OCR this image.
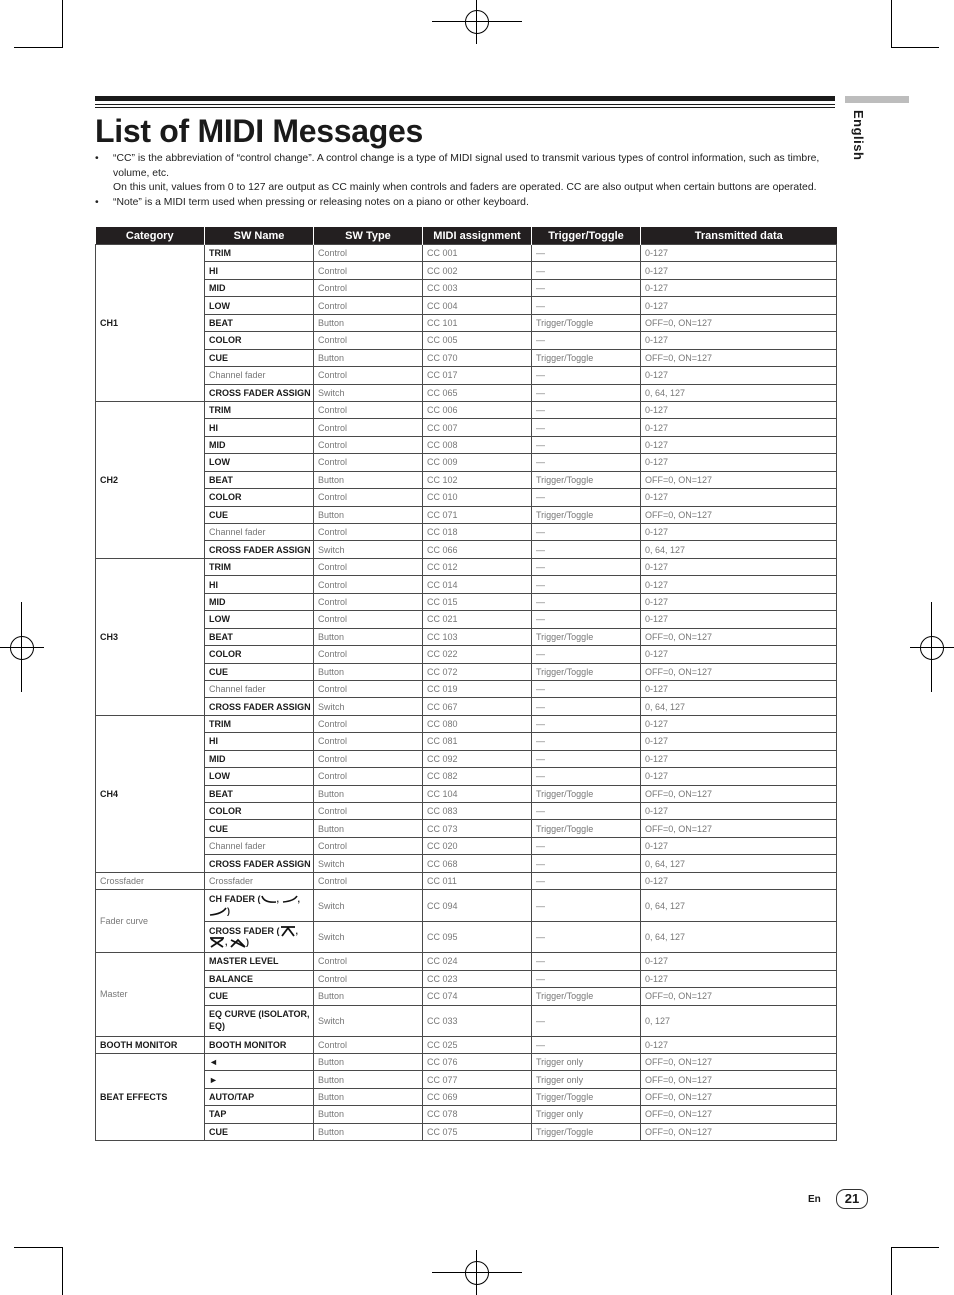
English
List of MIDI Messages
• “CC” is the abbreviation of “control change”. A control change is a type of MIDI signal used to transmit various types of control information, such as timbre, volume, etc.
On this unit, values from 0 to 127 are output as CC mainly when controls and faders are operated. CC are also output when certain buttons are operated.
• “Note” is a MIDI term used when pressing or releasing notes on a piano or other keyboard.
Category	SW Name	SW Type	MIDI assignment	Trigger/Toggle	Transmitted data
CH1	TRIM	Control	CC 001	—	0-127
	HI	Control	CC 002	—	0-127
	MID	Control	CC 003	—	0-127
	LOW	Control	CC 004	—	0-127
	BEAT	Button	CC 101	Trigger/Toggle	OFF=0, ON=127
	COLOR	Control	CC 005	—	0-127
	CUE	Button	CC 070	Trigger/Toggle	OFF=0, ON=127
	Channel fader	Control	CC 017	—	0-127
	CROSS FADER ASSIGN	Switch	CC 065	—	0, 64, 127
CH2	TRIM	Control	CC 006	—	0-127
	HI	Control	CC 007	—	0-127
	MID	Control	CC 008	—	0-127
	LOW	Control	CC 009	—	0-127
	BEAT	Button	CC 102	Trigger/Toggle	OFF=0, ON=127
	COLOR	Control	CC 010	—	0-127
	CUE	Button	CC 071	Trigger/Toggle	OFF=0, ON=127
	Channel fader	Control	CC 018	—	0-127
	CROSS FADER ASSIGN	Switch	CC 066	—	0, 64, 127
CH3	TRIM	Control	CC 012	—	0-127
	HI	Control	CC 014	—	0-127
	MID	Control	CC 015	—	0-127
	LOW	Control	CC 021	—	0-127
	BEAT	Button	CC 103	Trigger/Toggle	OFF=0, ON=127
	COLOR	Control	CC 022	—	0-127
	CUE	Button	CC 072	Trigger/Toggle	OFF=0, ON=127
	Channel fader	Control	CC 019	—	0-127
	CROSS FADER ASSIGN	Switch	CC 067	—	0, 64, 127
CH4	TRIM	Control	CC 080	—	0-127
	HI	Control	CC 081	—	0-127
	MID	Control	CC 092	—	0-127
	LOW	Control	CC 082	—	0-127
	BEAT	Button	CC 104	Trigger/Toggle	OFF=0, ON=127
	COLOR	Control	CC 083	—	0-127
	CUE	Button	CC 073	Trigger/Toggle	OFF=0, ON=127
	Channel fader	Control	CC 020	—	0-127
	CROSS FADER ASSIGN	Switch	CC 068	—	0, 64, 127
Crossfader	Crossfader	Control	CC 011	—	0-127
Fader curve	CH FADER ( , , )	Switch	CC 094	—	0, 64, 127
	CROSS FADER ( , , )	Switch	CC 095	—	0, 64, 127
Master	MASTER LEVEL	Control	CC 024	—	0-127
	BALANCE	Control	CC 023	—	0-127
	CUE	Button	CC 074	Trigger/Toggle	OFF=0, ON=127
	EQ CURVE (ISOLATOR, EQ)	Switch	CC 033	—	0, 127
BOOTH MONITOR	BOOTH MONITOR	Control	CC 025	—	0-127
BEAT EFFECTS	◄	Button	CC 076	Trigger only	OFF=0, ON=127
	►	Button	CC 077	Trigger only	OFF=0, ON=127
	AUTO/TAP	Button	CC 069	Trigger/Toggle	OFF=0, ON=127
	TAP	Button	CC 078	Trigger only	OFF=0, ON=127
	CUE	Button	CC 075	Trigger/Toggle	OFF=0, ON=127
En	21
